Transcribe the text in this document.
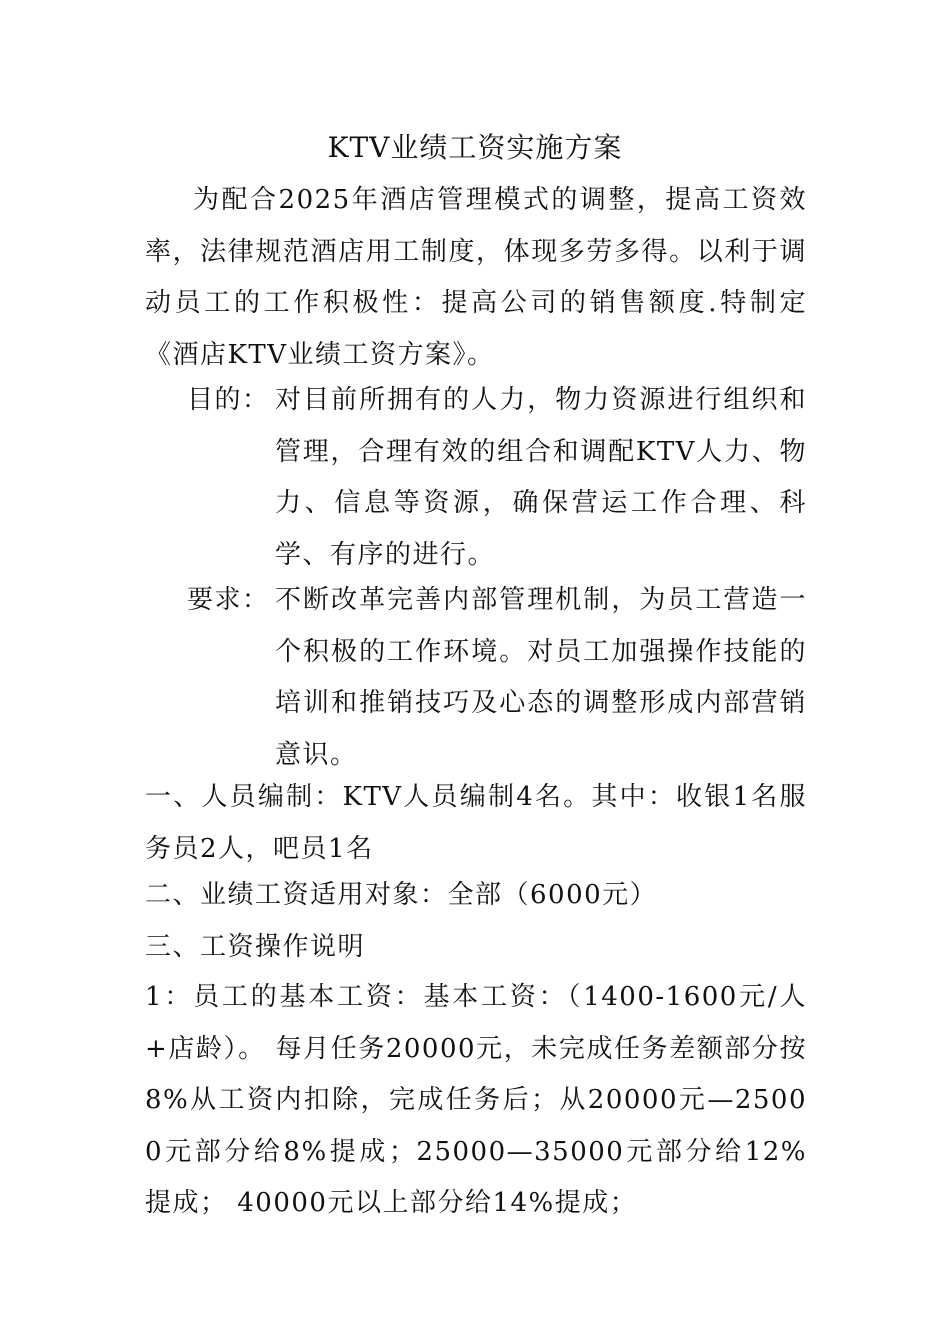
KTV业绩工资实施方案
为配合2025年酒店管理模式的调整，提高工资效率，法律规范酒店用工制度，体现多劳多得。以利于调动员工的工作积极性：提高公司的销售额度.特制定《酒店KTV业绩工资方案》。
目的： 对目前所拥有的人力，物力资源进行组织和管理，合理有效的组合和调配KTV人力、物力、信息等资源，确保营运工作合理、科学、有序的进行。
要求： 不断改革完善内部管理机制，为员工营造一个积极的工作环境。对员工加强操作技能的培训和推销技巧及心态的调整形成内部营销意识。
一、人员编制：KTV人员编制4名。其中：收银1名服务员2人，吧员1名
二、业绩工资适用对象：全部（6000元）
三、工资操作说明
1：员工的基本工资：基本工资：（1400-1600元/人+店龄）。 每月任务20000元，未完成任务差额部分按8%从工资内扣除，完成任务后；从20000元—25000元部分给8%提成；25000—35000元部分给12%提成； 40000元以上部分给14%提成；
